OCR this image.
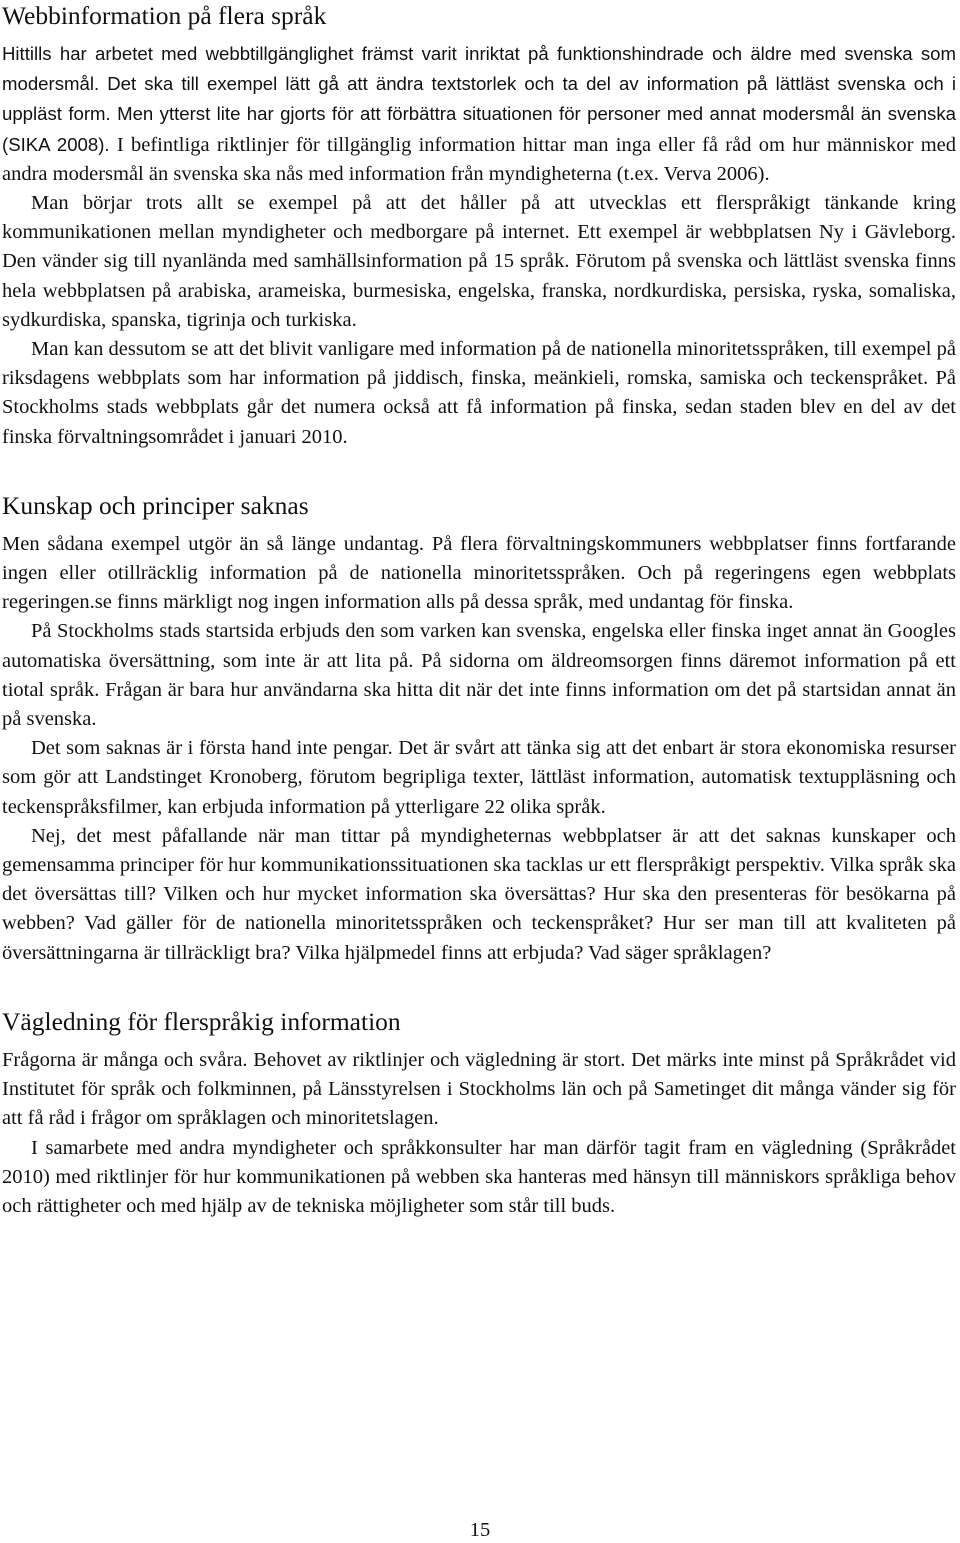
Webbinformation på flera språk

Hittills har arbetet med webbtillgänglighet främst varit inriktat på funktionshindrade och äldre med svenska som modersmål. Det ska till exempel lätt gå att ändra textstorlek och ta del av information på lättläst svenska och i uppläst form. Men ytterst lite har gjorts för att förbättra situationen för personer med annat modersmål än svenska (SIKA 2008). I befintliga riktlinjer för tillgänglig information hittar man inga eller få råd om hur människor med andra modersmål än svenska ska nås med information från myndigheterna (t.ex. Verva 2006).

Man börjar trots allt se exempel på att det håller på att utvecklas ett flerspråkigt tänkande kring kommunikationen mellan myndigheter och medborgare på internet. Ett exempel är webbplatsen Ny i Gävleborg. Den vänder sig till nyanlända med samhällsinformation på 15 språk. Förutom på svenska och lättläst svenska finns hela webbplatsen på arabiska, arameiska, burmesiska, engelska, franska, nordkurdiska, persiska, ryska, somaliska, sydkurdiska, spanska, tigrinja och turkiska.

Man kan dessutom se att det blivit vanligare med information på de nationella minoritetsspråken, till exempel på riksdagens webbplats som har information på jiddisch, finska, meänkieli, romska, samiska och teckenspråket. På Stockholms stads webbplats går det numera också att få information på finska, sedan staden blev en del av det finska förvaltningsområdet i januari 2010.

Kunskap och principer saknas

Men sådana exempel utgör än så länge undantag. På flera förvaltningskommuners webbplatser finns fortfarande ingen eller otillräcklig information på de nationella minoritetsspråken. Och på regeringens egen webbplats regeringen.se finns märkligt nog ingen information alls på dessa språk, med undantag för finska.

På Stockholms stads startsida erbjuds den som varken kan svenska, engelska eller finska inget annat än Googles automatiska översättning, som inte är att lita på. På sidorna om äldreomsorgen finns däremot information på ett tiotal språk. Frågan är bara hur användarna ska hitta dit när det inte finns information om det på startsidan annat än på svenska.

Det som saknas är i första hand inte pengar. Det är svårt att tänka sig att det enbart är stora ekonomiska resurser som gör att Landstinget Kronoberg, förutom begripliga texter, lättläst information, automatisk textuppläsning och teckenspråksfilmer, kan erbjuda information på ytterligare 22 olika språk.

Nej, det mest påfallande när man tittar på myndigheternas webbplatser är att det saknas kunskaper och gemensamma principer för hur kommunikationssituationen ska tacklas ur ett flerspråkigt perspektiv. Vilka språk ska det översättas till? Vilken och hur mycket information ska översättas? Hur ska den presenteras för besökarna på webben? Vad gäller för de nationella minoritetsspråken och teckenspråket? Hur ser man till att kvaliteten på översättningarna är tillräckligt bra? Vilka hjälpmedel finns att erbjuda? Vad säger språklagen?

Vägledning för flerspråkig information

Frågorna är många och svåra. Behovet av riktlinjer och vägledning är stort. Det märks inte minst på Språkrådet vid Institutet för språk och folkminnen, på Länsstyrelsen i Stockholms län och på Sametinget dit många vänder sig för att få råd i frågor om språklagen och minoritetslagen.

I samarbete med andra myndigheter och språkkonsulter har man därför tagit fram en vägledning (Språkrådet 2010) med riktlinjer för hur kommunikationen på webben ska hanteras med hänsyn till människors språkliga behov och rättigheter och med hjälp av de tekniska möjligheter som står till buds.

15
